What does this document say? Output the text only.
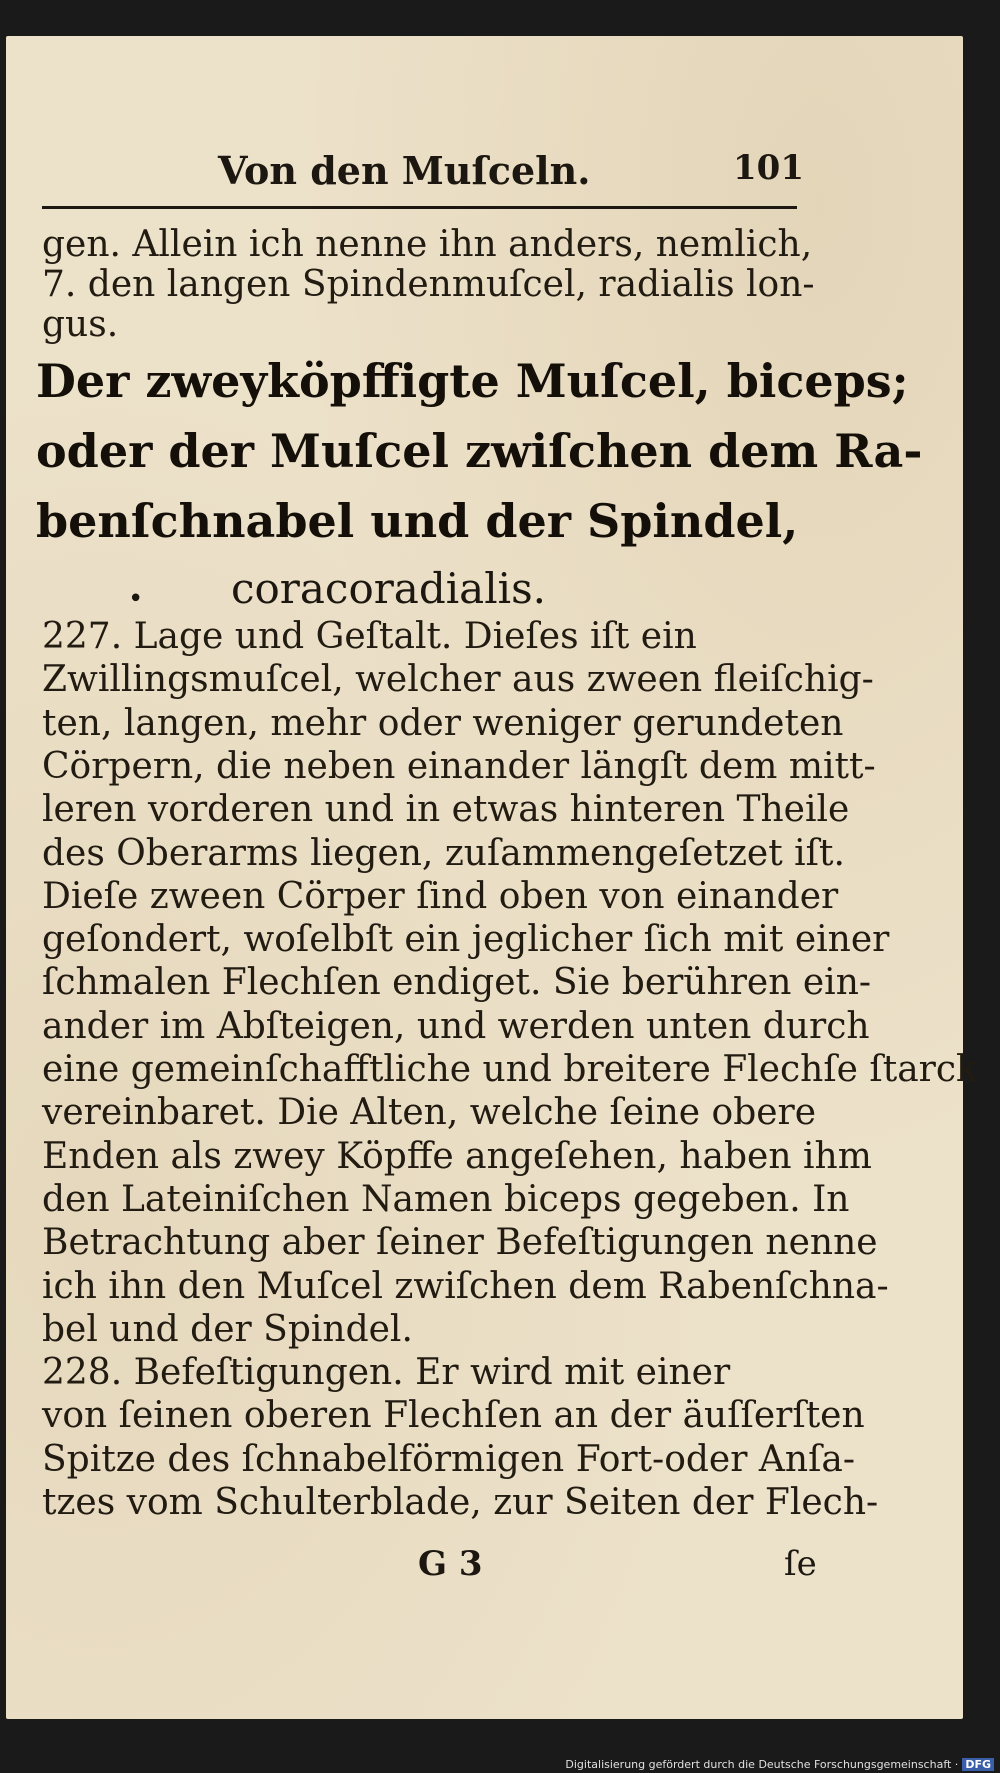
Von den Muſceln.	101
gen. Allein ich nenne ihn anders, nemlich,
7. den langen Spindenmuſcel, radialis lon-
gus.
Der zweyköpffigte Muſcel, biceps;
oder der Muſcel zwiſchen dem Ra-
benſchnabel und der Spindel,
• coracoradialis.
227. Lage und Geſtalt. Dieſes iſt ein
Zwillingsmuſcel, welcher aus zween fleiſchig-
ten, langen, mehr oder weniger gerundeten
Cörpern, die neben einander längſt dem mitt-
leren vorderen und in etwas hinteren Theile
des Oberarms liegen, zuſammengeſetzet iſt.
Dieſe zween Cörper ſind oben von einander
geſondert, woſelbſt ein jeglicher ſich mit einer
ſchmalen Flechſen endiget. Sie berühren ein-
ander im Abſteigen, und werden unten durch
eine gemeinſchafftliche und breitere Flechſe ſtarck
vereinbaret. Die Alten, welche ſeine obere
Enden als zwey Köpffe angeſehen, haben ihm
den Lateiniſchen Namen biceps gegeben. In
Betrachtung aber ſeiner Befeſtigungen nenne
ich ihn den Muſcel zwiſchen dem Rabenſchna-
bel und der Spindel.
228. Befeſtigungen. Er wird mit einer
von ſeinen oberen Flechſen an der äuſſerſten
Spitze des ſchnabelförmigen Fort-oder Anſa-
tzes vom Schulterblade, zur Seiten der Flech-
G 3	ſe
Digitalisierung gefördert durch die Deutsche Forschungsgemeinschaft · DFG
